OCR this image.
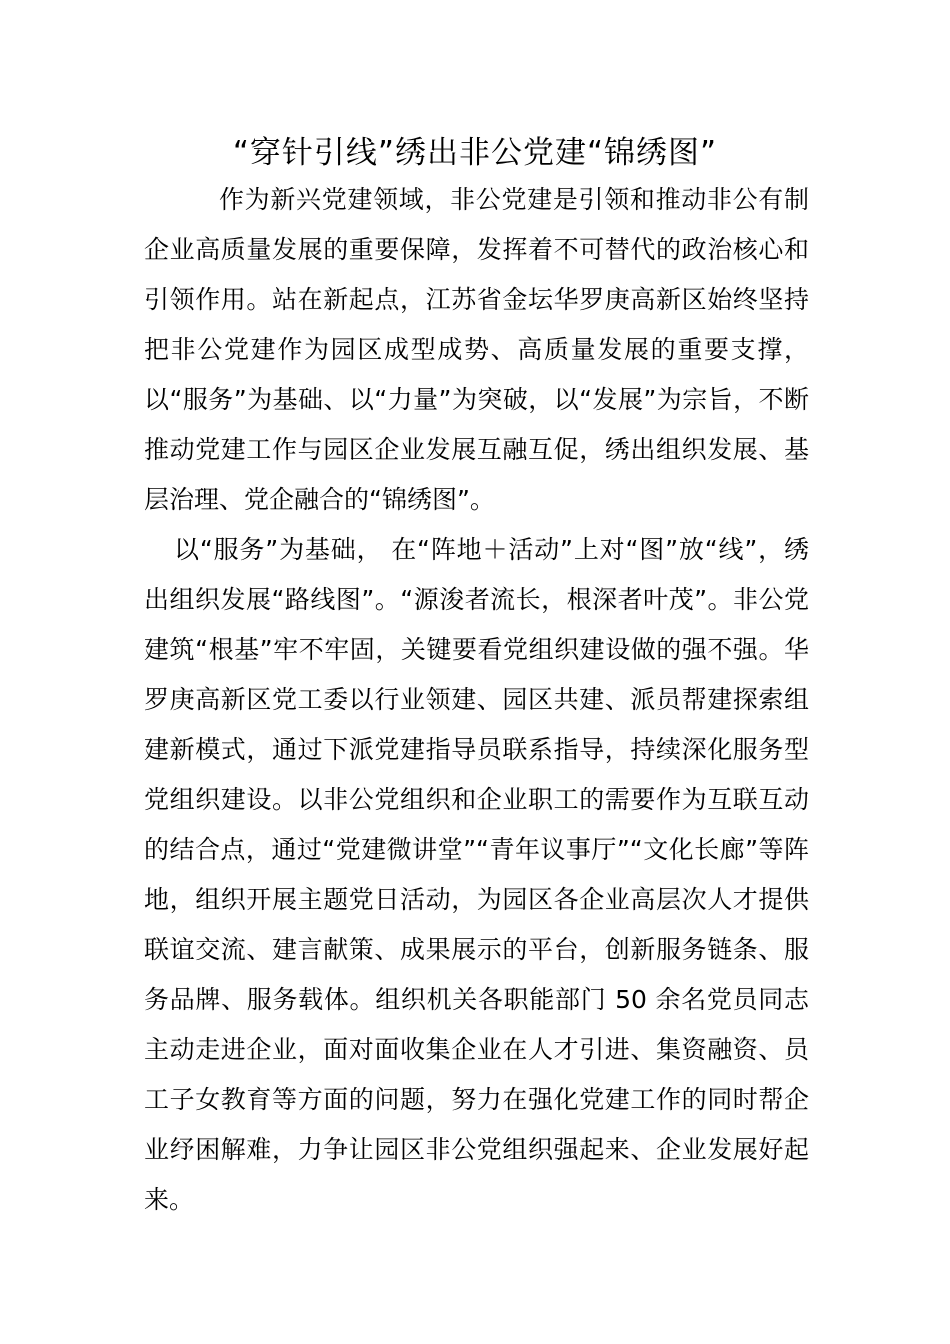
“穿针引线”绣出非公党建“锦绣图”

作为新兴党建领域，非公党建是引领和推动非公有制企业高质量发展的重要保障，发挥着不可替代的政治核心和引领作用。站在新起点，江苏省金坛华罗庚高新区始终坚持把非公党建作为园区成型成势、高质量发展的重要支撑，以“服务”为基础、以“力量”为突破，以“发展”为宗旨，不断推动党建工作与园区企业发展互融互促，绣出组织发展、基层治理、党企融合的“锦绣图”。

以“服务”为基础， 在“阵地＋活动”上对“图”放“线”，绣出组织发展“路线图”。“源浚者流长，根深者叶茂”。非公党建筑“根基”牢不牢固，关键要看党组织建设做的强不强。华罗庚高新区党工委以行业领建、园区共建、派员帮建探索组建新模式，通过下派党建指导员联系指导，持续深化服务型党组织建设。以非公党组织和企业职工的需要作为互联互动的结合点，通过“党建微讲堂”“青年议事厅”“文化长廊”等阵地，组织开展主题党日活动，为园区各企业高层次人才提供联谊交流、建言献策、成果展示的平台，创新服务链条、服务品牌、服务载体。组织机关各职能部门 50 余名党员同志主动走进企业，面对面收集企业在人才引进、集资融资、员工子女教育等方面的问题，努力在强化党建工作的同时帮企业纾困解难，力争让园区非公党组织强起来、企业发展好起来。
